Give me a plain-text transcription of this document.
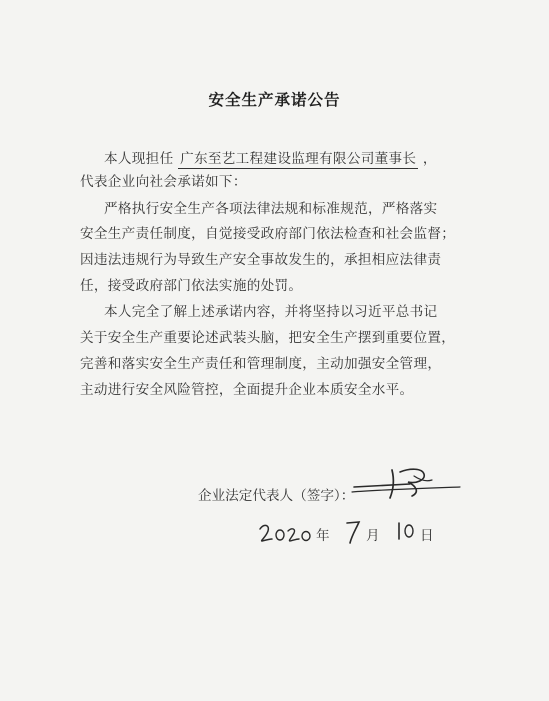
安全生产承诺公告
本人现担任 广东至艺工程建设监理有限公司董事长 ，
代表企业向社会承诺如下：
严格执行安全生产各项法律法规和标准规范，严格落实
安全生产责任制度，自觉接受政府部门依法检查和社会监督；
因违法违规行为导致生产安全事故发生的，承担相应法律责
任，接受政府部门依法实施的处罚。
本人完全了解上述承诺内容，并将坚持以习近平总书记
关于安全生产重要论述武装头脑，把安全生产摆到重要位置，
完善和落实安全生产责任和管理制度，主动加强安全管理，
主动进行安全风险管控，全面提升企业本质安全水平。
企业法定代表人（签字）：
年	月	日
